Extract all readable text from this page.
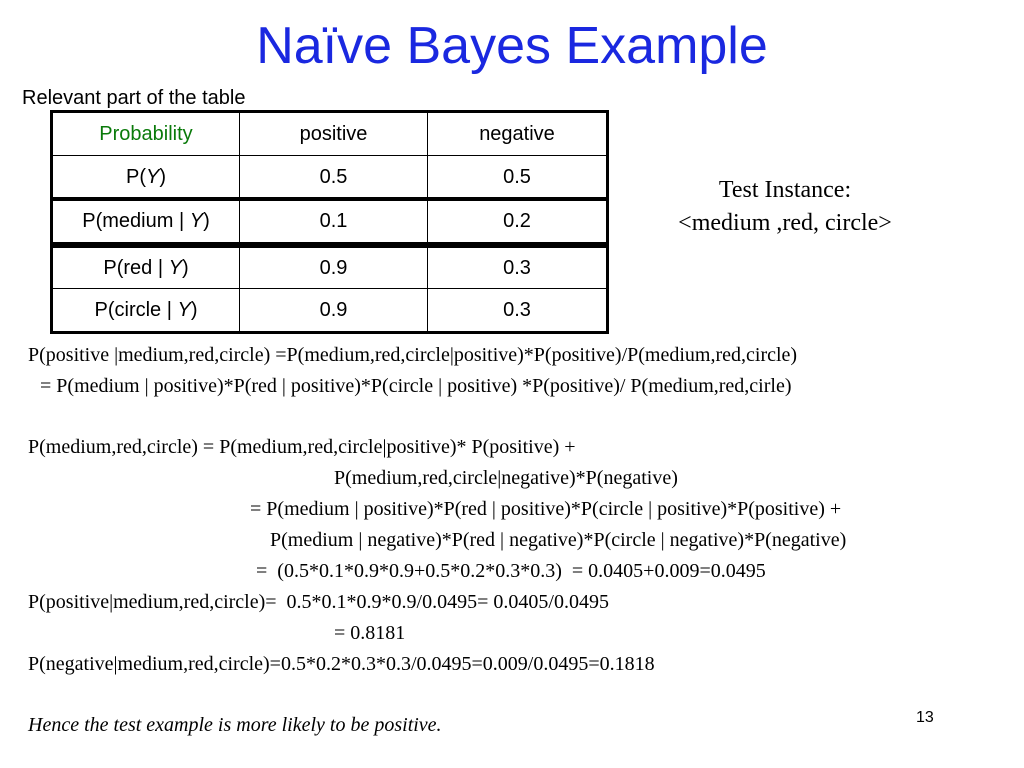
Naïve Bayes Example
Relevant part of the table
Probability	positive	negative
P(Y)	0.5	0.5
P(medium | Y)	0.1	0.2
P(red | Y)	0.9	0.3
P(circle | Y)	0.9	0.3
Test Instance:
<medium ,red, circle>
P(positive |medium,red,circle) =P(medium,red,circle|positive)*P(positive)/P(medium,red,circle)
= P(medium | positive)*P(red | positive)*P(circle | positive) *P(positive)/ P(medium,red,cirle)
P(medium,red,circle) = P(medium,red,circle|positive)* P(positive) +
P(medium,red,circle|negative)*P(negative)
= P(medium | positive)*P(red | positive)*P(circle | positive)*P(positive) +
P(medium | negative)*P(red | negative)*P(circle | negative)*P(negative)
=  (0.5*0.1*0.9*0.9+0.5*0.2*0.3*0.3)  = 0.0405+0.009=0.0495
P(positive|medium,red,circle)=  0.5*0.1*0.9*0.9/0.0495= 0.0405/0.0495
= 0.8181
P(negative|medium,red,circle)=0.5*0.2*0.3*0.3/0.0495=0.009/0.0495=0.1818
Hence the test example is more likely to be positive.	13
